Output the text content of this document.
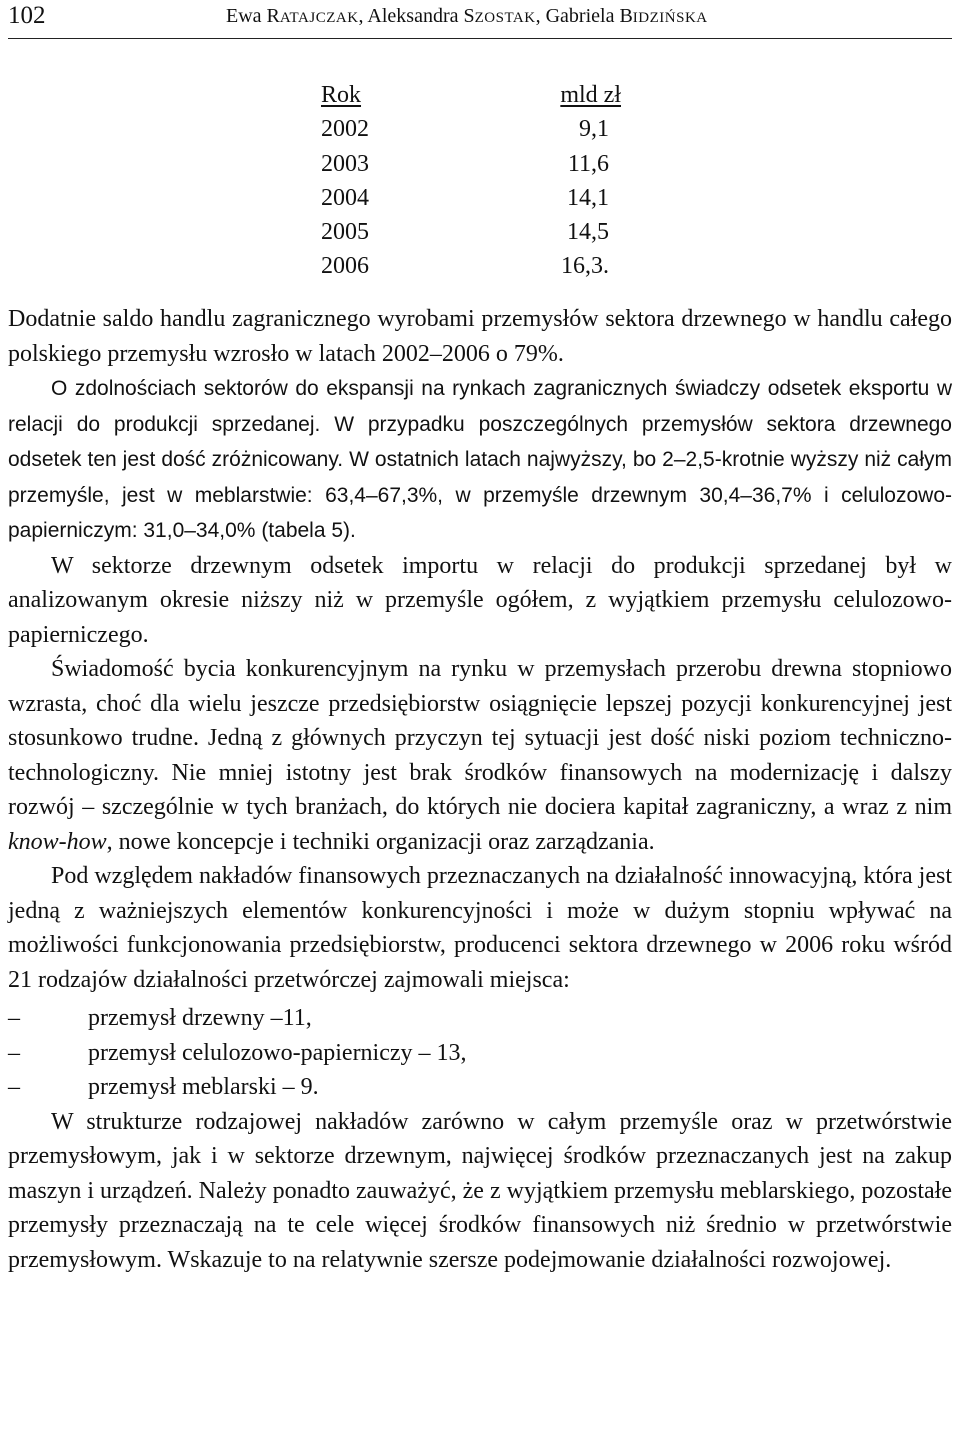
102	Ewa RATAJCZAK, Aleksandra SZOSTAK, Gabriela BIDZIŃSKA
Rok	mld zł
2002	9,1
2003	11,6
2004	14,1
2005	14,5
2006	16,3.

Dodatnie saldo handlu zagranicznego wyrobami przemysłów sektora drzewnego w handlu całego polskiego przemysłu wzrosło w latach 2002–2006 o 79%.

O zdolnościach sektorów do ekspansji na rynkach zagranicznych świadczy odsetek eksportu w relacji do produkcji sprzedanej. W przypadku poszczególnych przemysłów sektora drzewnego odsetek ten jest dość zróżnicowany. W ostatnich latach najwyższy, bo 2–2,5-krotnie wyższy niż całym przemyśle, jest w meblarstwie: 63,4–67,3%, w przemyśle drzewnym 30,4–36,7% i celulozowo-papierniczym: 31,0–34,0% (tabela 5).

W sektorze drzewnym odsetek importu w relacji do produkcji sprzedanej był w analizowanym okresie niższy niż w przemyśle ogółem, z wyjątkiem przemysłu celulozowo-papierniczego.

Świadomość bycia konkurencyjnym na rynku w przemysłach przerobu drewna stopniowo wzrasta, choć dla wielu jeszcze przedsiębiorstw osiągnięcie lepszej pozycji konkurencyjnej jest stosunkowo trudne. Jedną z głównych przyczyn tej sytuacji jest dość niski poziom techniczno-technologiczny. Nie mniej istotny jest brak środków finansowych na modernizację i dalszy rozwój – szczególnie w tych branżach, do których nie dociera kapitał zagraniczny, a wraz z nim know-how, nowe koncepcje i techniki organizacji oraz zarządzania.

Pod względem nakładów finansowych przeznaczanych na działalność innowacyjną, która jest jedną z ważniejszych elementów konkurencyjności i może w dużym stopniu wpływać na możliwości funkcjonowania przedsiębiorstw, producenci sektora drzewnego w 2006 roku wśród 21 rodzajów działalności przetwórczej zajmowali miejsca:

–	przemysł drzewny –11,
–	przemysł celulozowo-papierniczy – 13,
–	przemysł meblarski – 9.

W strukturze rodzajowej nakładów zarówno w całym przemyśle oraz w przetwórstwie przemysłowym, jak i w sektorze drzewnym, najwięcej środków przeznaczanych jest na zakup maszyn i urządzeń. Należy ponadto zauważyć, że z wyjątkiem przemysłu meblarskiego, pozostałe przemysły przeznaczają na te cele więcej środków finansowych niż średnio w przetwórstwie przemysłowym. Wskazuje to na relatywnie szersze podejmowanie działalności rozwojowej.
